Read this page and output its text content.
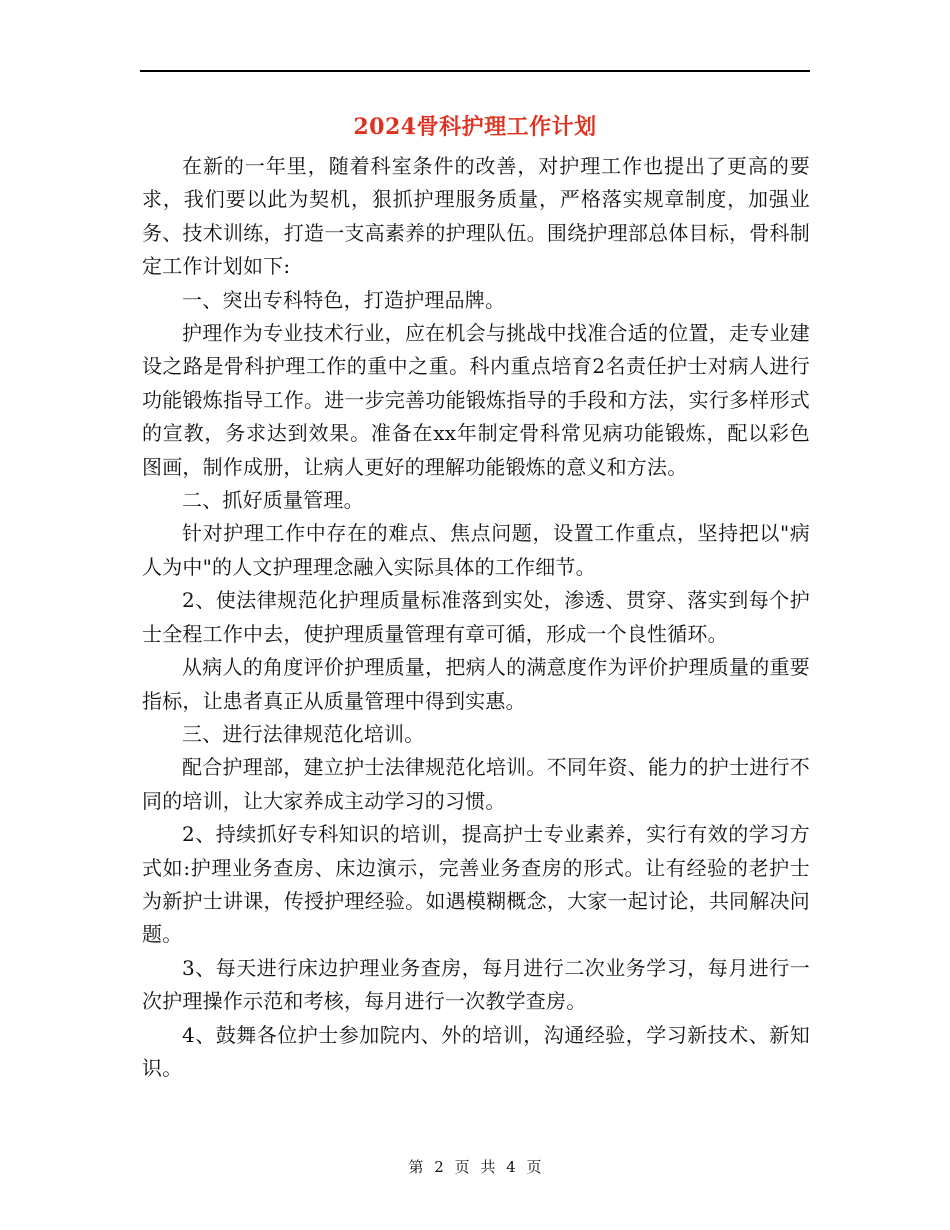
2024骨科护理工作计划

在新的一年里，随着科室条件的改善，对护理工作也提出了更高的要求，我们要以此为契机，狠抓护理服务质量，严格落实规章制度，加强业务、技术训练，打造一支高素养的护理队伍。围绕护理部总体目标，骨科制定工作计划如下:

一、突出专科特色，打造护理品牌。

护理作为专业技术行业，应在机会与挑战中找准合适的位置，走专业建设之路是骨科护理工作的重中之重。科内重点培育2名责任护士对病人进行功能锻炼指导工作。进一步完善功能锻炼指导的手段和方法，实行多样形式的宣教，务求达到效果。准备在xx年制定骨科常见病功能锻炼，配以彩色图画，制作成册，让病人更好的理解功能锻炼的意义和方法。

二、抓好质量管理。

针对护理工作中存在的难点、焦点问题，设置工作重点，坚持把以"病人为中"的人文护理理念融入实际具体的工作细节。

2、使法律规范化护理质量标准落到实处，渗透、贯穿、落实到每个护士全程工作中去，使护理质量管理有章可循，形成一个良性循环。

从病人的角度评价护理质量，把病人的满意度作为评价护理质量的重要指标，让患者真正从质量管理中得到实惠。

三、进行法律规范化培训。

配合护理部，建立护士法律规范化培训。不同年资、能力的护士进行不同的培训，让大家养成主动学习的习惯。

2、持续抓好专科知识的培训，提高护士专业素养，实行有效的学习方式如:护理业务查房、床边演示，完善业务查房的形式。让有经验的老护士为新护士讲课，传授护理经验。如遇模糊概念，大家一起讨论，共同解决问题。

3、每天进行床边护理业务查房，每月进行二次业务学习，每月进行一次护理操作示范和考核，每月进行一次教学查房。

4、鼓舞各位护士参加院内、外的培训，沟通经验，学习新技术、新知识。

第 2 页 共 4 页
